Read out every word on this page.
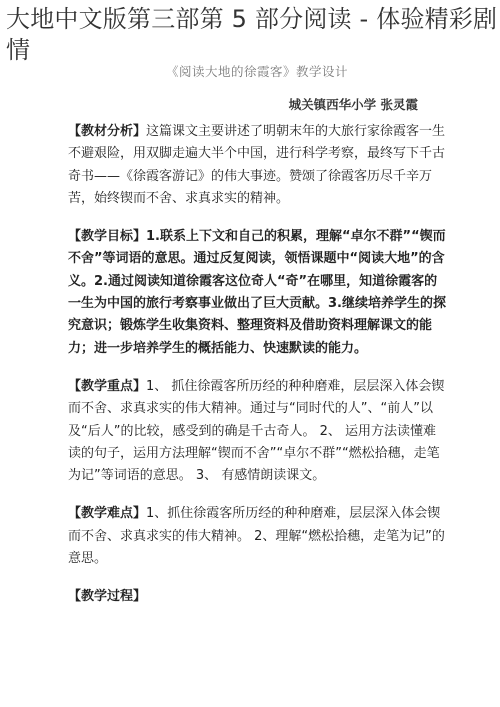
大地中文版第三部第 5 部分阅读 - 体验精彩剧情
《阅读大地的徐霞客》教学设计
城关镇西华小学 张灵霞
【教材分析】这篇课文主要讲述了明朝末年的大旅行家徐霞客一生不避艰险，用双脚走遍大半个中国，进行科学考察，最终写下千古奇书——《徐霞客游记》的伟大事迹。赞颂了徐霞客历尽千辛万苦，始终锲而不舍、求真求实的精神。
【教学目标】1.联系上下文和自己的积累，理解“卓尔不群”“锲而不舍”等词语的意思。通过反复阅读，领悟课题中“阅读大地”的含义。2.通过阅读知道徐霞客这位奇人“奇”在哪里，知道徐霞客的一生为中国的旅行考察事业做出了巨大贡献。3.继续培养学生的探究意识；锻炼学生收集资料、整理资料及借助资料理解课文的能力；进一步培养学生的概括能力、快速默读的能力。
【教学重点】1、 抓住徐霞客所历经的种种磨难，层层深入体会锲而不舍、求真求实的伟大精神。通过与“同时代的人”、“前人”以及“后人”的比较，感受到的确是千古奇人。 2、 运用方法读懂难读的句子，运用方法理解“锲而不舍”“卓尔不群”“燃松拾穗，走笔为记”等词语的意思。 3、 有感情朗读课文。
【教学难点】1、抓住徐霞客所历经的种种磨难，层层深入体会锲而不舍、求真求实的伟大精神。 2、理解“燃松拾穗，走笔为记”的意思。
【教学过程】
